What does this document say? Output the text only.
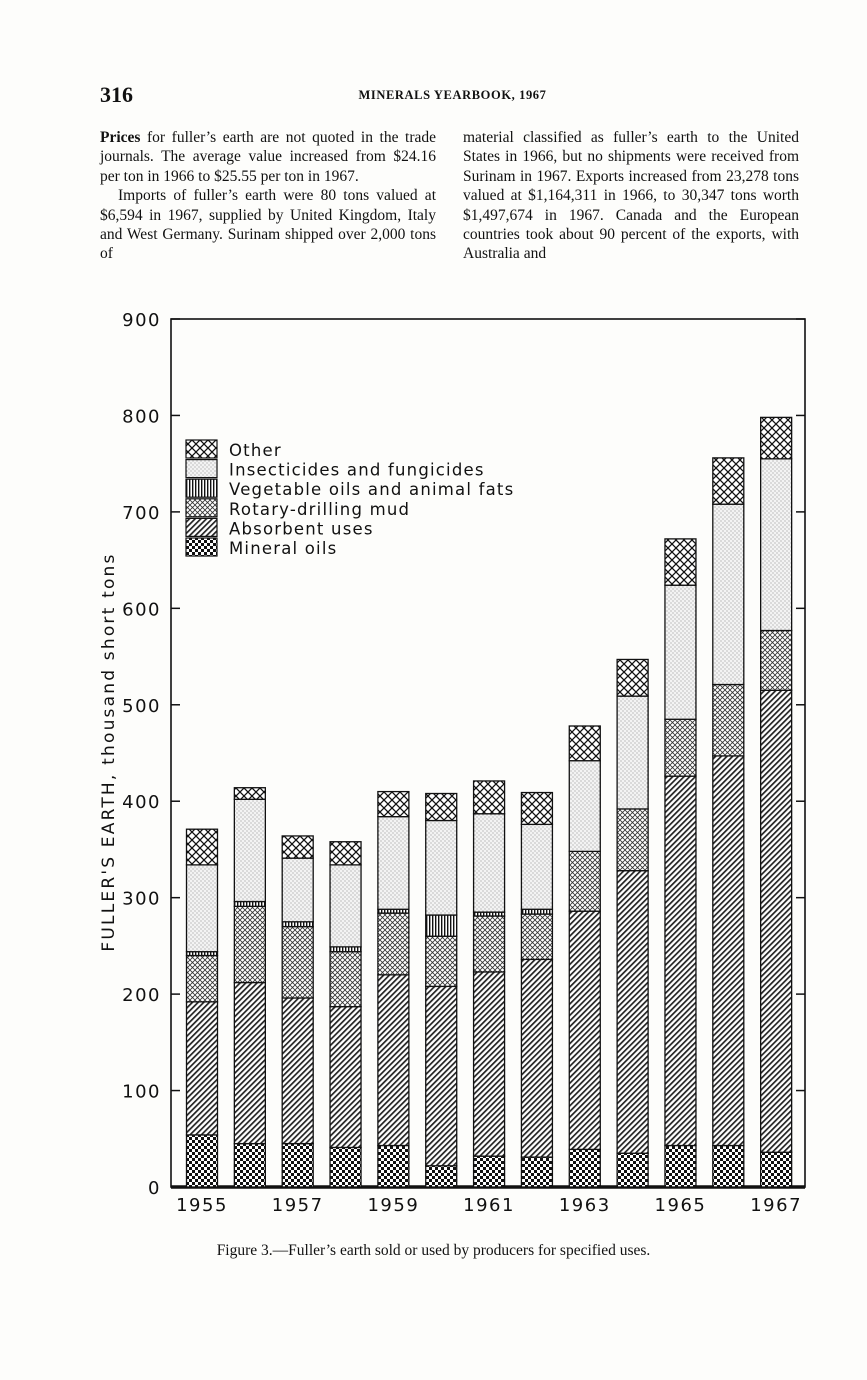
316	MINERALS YEARBOOK, 1967

Prices for fuller’s earth are not quoted in the trade journals. The average value increased from $24.16 per ton in 1966 to $25.55 per ton in 1967.

Imports of fuller’s earth were 80 tons valued at $6,594 in 1967, supplied by United Kingdom, Italy and West Germany. Surinam shipped over 2,000 tons of

material classified as fuller’s earth to the United States in 1966, but no shipments were received from Surinam in 1967. Exports increased from 23,278 tons valued at $1,164,311 in 1966, to 30,347 tons worth $1,497,674 in 1967. Canada and the European countries took about 90 percent of the exports, with Australia and

0
100
200
300
400
500
600
700
800
900
FULLER'S EARTH, thousand short tons
1955 1957 1959 1961 1963 1965 1967
Other
Insecticides and fungicides
Vegetable oils and animal fats
Rotary-drilling mud
Absorbent uses
Mineral oils
Figure 3.—Fuller’s earth sold or used by producers for specified uses.
